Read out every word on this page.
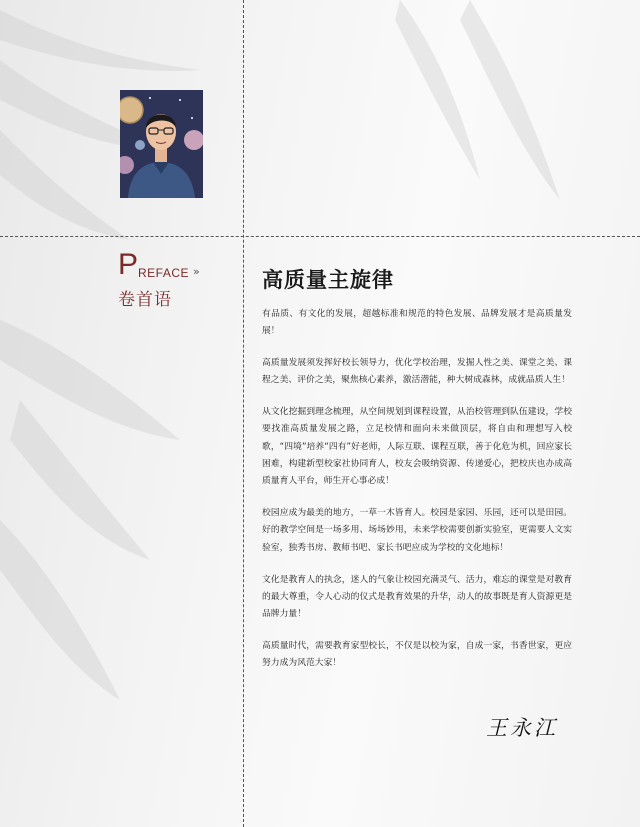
P REFACE »
卷首语
高质量主旋律

有品质、有文化的发展，超越标准和规范的特色发展、品牌发展才是高质量发展！

高质量发展须发挥好校长领导力，优化学校治理，发掘人性之美、课堂之美、课程之美、评价之美，聚焦核心素养，激活潜能，种大树成森林，成就品质人生！

从文化挖掘到理念梳理，从空间规划到课程设置，从治校管理到队伍建设，学校要找准高质量发展之路，立足校情和面向未来做顶层，将自由和理想写入校歌，“四境”培养“四有”好老师，人际互联、课程互联，善于化危为机，回应家长困难，构建新型校家社协同育人，校友会吸纳资源、传递爱心，把校庆也办成高质量育人平台，师生开心事必成！

校园应成为最美的地方，一草一木皆育人。校园是家园、乐园，还可以是田园。好的教学空间是一场多用、场场妙用，未来学校需要创新实验室，更需要人文实验室，独秀书房、教师书吧、家长书吧应成为学校的文化地标！

文化是教育人的执念，迷人的气象让校园充满灵气、活力，难忘的课堂是对教育的最大尊重，令人心动的仪式是教育效果的升华，动人的故事既是育人资源更是品牌力量！

高质量时代，需要教育家型校长，不仅是以校为家，自成一家，书香世家，更应努力成为风范大家！

王永江
